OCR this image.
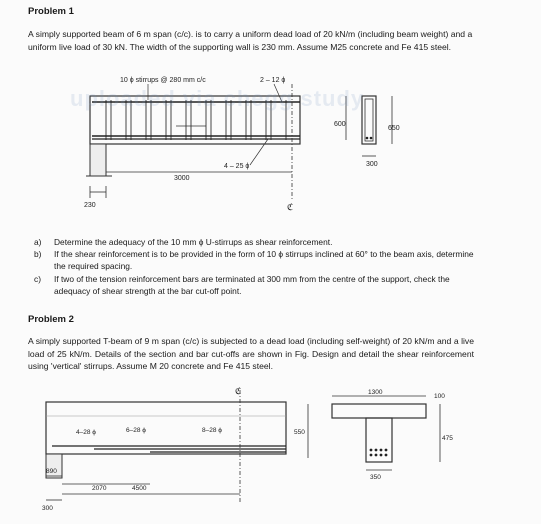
Problem 1
A simply supported beam of 6 m span (c/c). is to carry a uniform dead load of 20 kN/m (including beam weight) and a uniform live load of 30 kN. The width of the supporting wall is 230 mm. Assume M25 concrete and Fe 415 steel.
230
3000
ℭ
10 ϕ stirrups @ 280 mm c/c	2 – 12 ϕ
4 – 25 ϕ
600
650
300
uploaded via chegg study
a) Determine the adequacy of the 10 mm ϕ U-stirrups as shear reinforcement.
b) If the shear reinforcement is to be provided in the form of 10 ϕ stirrups inclined at 60° to the beam axis, determine the required spacing.
c) If two of the tension reinforcement bars are terminated at 300 mm from the centre of the support, check the adequacy of shear strength at the bar cut-off point.
Problem 2
A simply supported T-beam of 9 m span (c/c) is subjected to a dead load (including self-weight) of 20 kN/m and a live load of 25 kN/m. Details of the section and bar cut-offs are shown in Fig. Design and detail the shear reinforcement using 'vertical' stirrups. Assume M 20 concrete and Fe 415 steel.
ℭ
4–28 ϕ	6–28 ϕ	8–28 ϕ
890
2070	4500
300
1300
100
550
475
350
